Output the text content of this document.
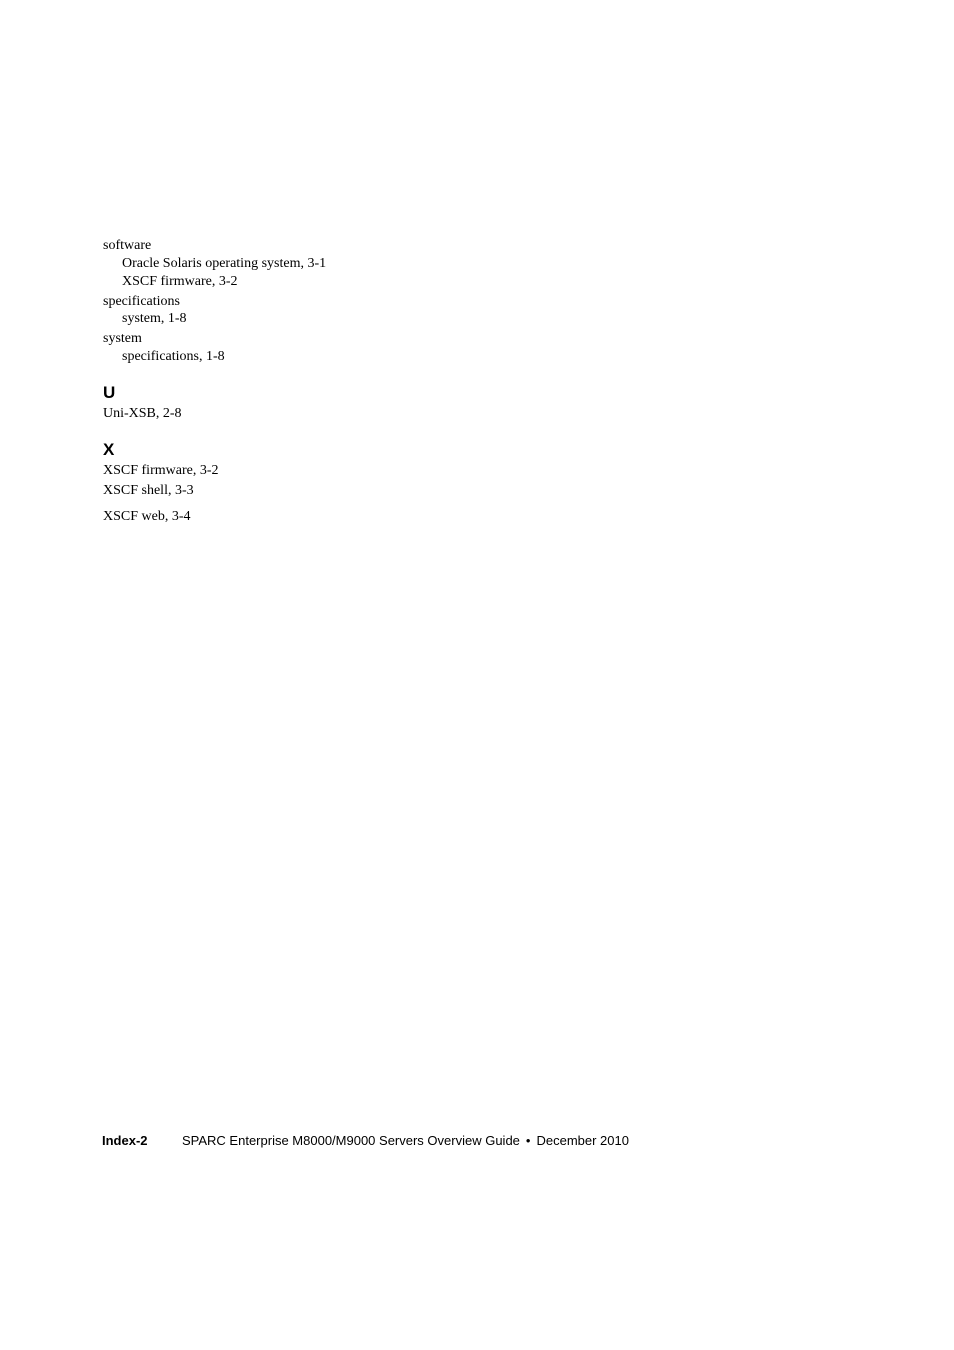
software
Oracle Solaris operating system, 3-1
XSCF firmware, 3-2
specifications
system, 1-8
system
specifications, 1-8
U
Uni-XSB, 2-8
X
XSCF firmware, 3-2
XSCF shell, 3-3
XSCF web, 3-4
Index-2	SPARC Enterprise M8000/M9000 Servers Overview Guide • December 2010
